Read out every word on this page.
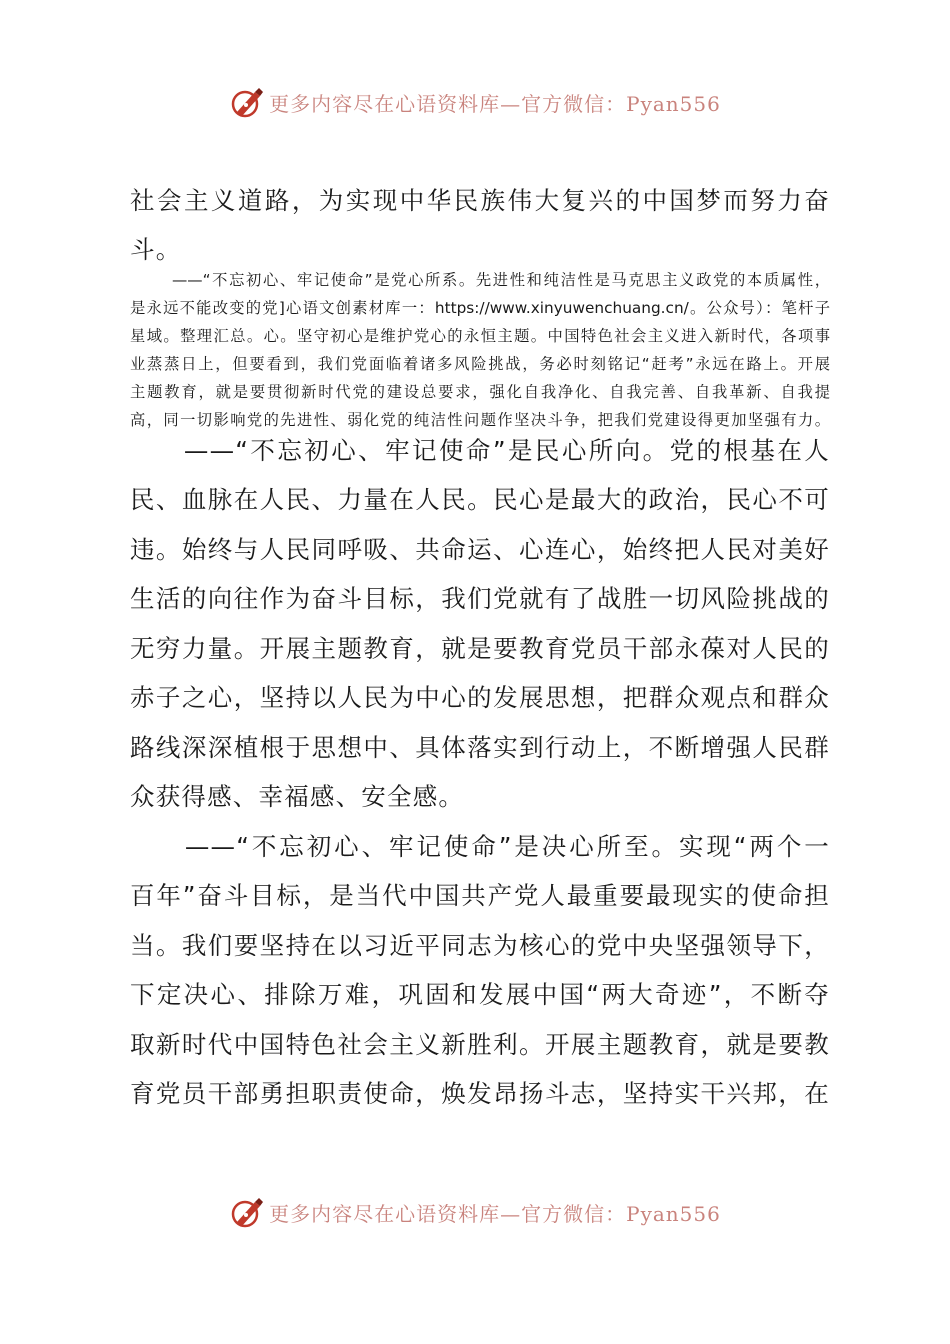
更多内容尽在心语资料库—官方微信：Pyan556

社会主义道路，为实现中华民族伟大复兴的中国梦而努力奋

斗。

——“不忘初心、牢记使命”是党心所系。先进性和纯洁性是马克思主义政党的本质属性，

是永远不能改变的党]心语文创素材库一：https://www.xinyuwenchuang.cn/。公众号）：笔杆子

星域。整理汇总。心。坚守初心是维护党心的永恒主题。中国特色社会主义进入新时代，各项事

业蒸蒸日上，但要看到，我们党面临着诸多风险挑战，务必时刻铭记“赶考”永远在路上。开展

主题教育，就是要贯彻新时代党的建设总要求，强化自我净化、自我完善、自我革新、自我提

高，同一切影响党的先进性、弱化党的纯洁性问题作坚决斗争，把我们党建设得更加坚强有力。

　　——“不忘初心、牢记使命”是民心所向。党的根基在人

民、血脉在人民、力量在人民。民心是最大的政治，民心不可

违。始终与人民同呼吸、共命运、心连心，始终把人民对美好

生活的向往作为奋斗目标，我们党就有了战胜一切风险挑战的

无穷力量。开展主题教育，就是要教育党员干部永葆对人民的

赤子之心，坚持以人民为中心的发展思想，把群众观点和群众

路线深深植根于思想中、具体落实到行动上，不断增强人民群

众获得感、幸福感、安全感。

　　——“不忘初心、牢记使命”是决心所至。实现“两个一

百年”奋斗目标，是当代中国共产党人最重要最现实的使命担

当。我们要坚持在以习近平同志为核心的党中央坚强领导下，

下定决心、排除万难，巩固和发展中国“两大奇迹”，不断夺

取新时代中国特色社会主义新胜利。开展主题教育，就是要教

育党员干部勇担职责使命，焕发昂扬斗志，坚持实干兴邦，在

更多内容尽在心语资料库—官方微信：Pyan556
